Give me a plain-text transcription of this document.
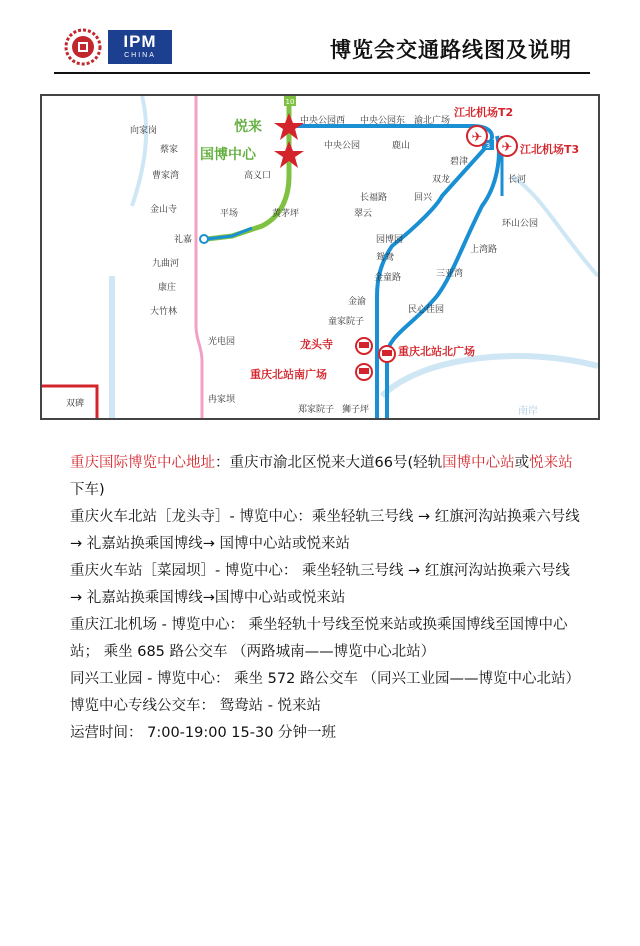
IPM
CHINA	博览会交通路线图及说明
10
3
✈
✈
向家岗
蔡家
曹家湾
金山寺
礼嘉
九曲河
康庄
大竹林
光电园
冉家坝
双碑
高义口
平场	黄茅坪
中央公园西 中央公园东 渝北广场
中央公园	鹿山
碧津
双龙
长福路	回兴
翠云
长河
环山公园
上湾路
三亚湾
民心佳园
园博园
鸳鸯
金童路
金渝
童家院子
郑家院子 狮子坪	南岸
江北机场T2
江北机场T3
龙头寺
重庆北站北广场
重庆北站南广场
悦来
国博中心

重庆国际博览中心地址：重庆市渝北区悦来大道66号(轻轨国博中心站或悦来站下车)

重庆火车北站［龙头寺］- 博览中心：乘坐轻轨三号线 → 红旗河沟站换乘六号线 → 礼嘉站换乘国博线→ 国博中心站或悦来站

重庆火车站［菜园坝］- 博览中心： 乘坐轻轨三号线 → 红旗河沟站换乘六号线 → 礼嘉站换乘国博线→国博中心站或悦来站

重庆江北机场 - 博览中心： 乘坐轻轨十号线至悦来站或换乘国博线至国博中心站； 乘坐 685 路公交车 （两路城南——博览中心北站）

同兴工业园 - 博览中心： 乘坐 572 路公交车 （同兴工业园——博览中心北站）

博览中心专线公交车： 鸳鸯站 - 悦来站

运营时间： 7:00-19:00 15-30 分钟一班
